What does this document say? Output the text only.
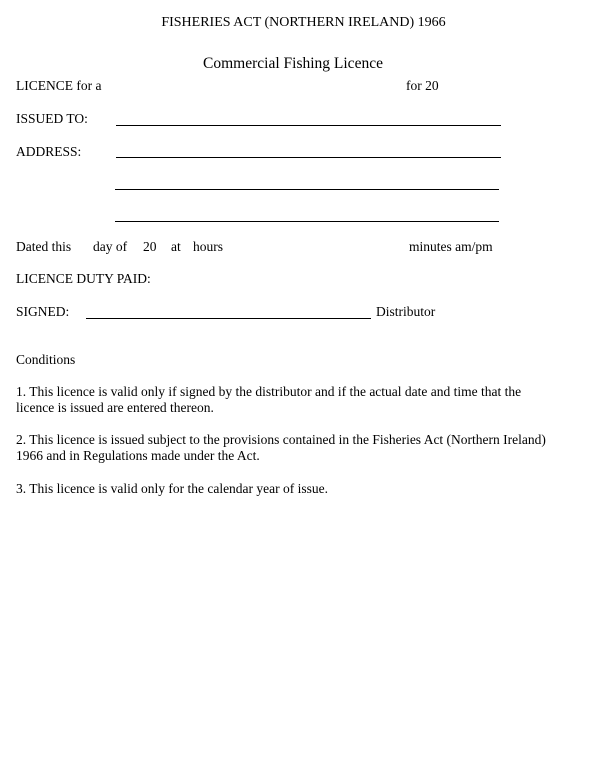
FISHERIES ACT (NORTHERN IRELAND) 1966
Commercial Fishing Licence
LICENCE for a	for 20
ISSUED TO:
ADDRESS:
Dated this day of 20 at hours	minutes am/pm
LICENCE DUTY PAID:
SIGNED:	Distributor
Conditions
1. This licence is valid only if signed by the distributor and if the actual date and time that the licence is issued are entered thereon.
2. This licence is issued subject to the provisions contained in the Fisheries Act (Northern Ireland) 1966 and in Regulations made under the Act.
3. This licence is valid only for the calendar year of issue.
